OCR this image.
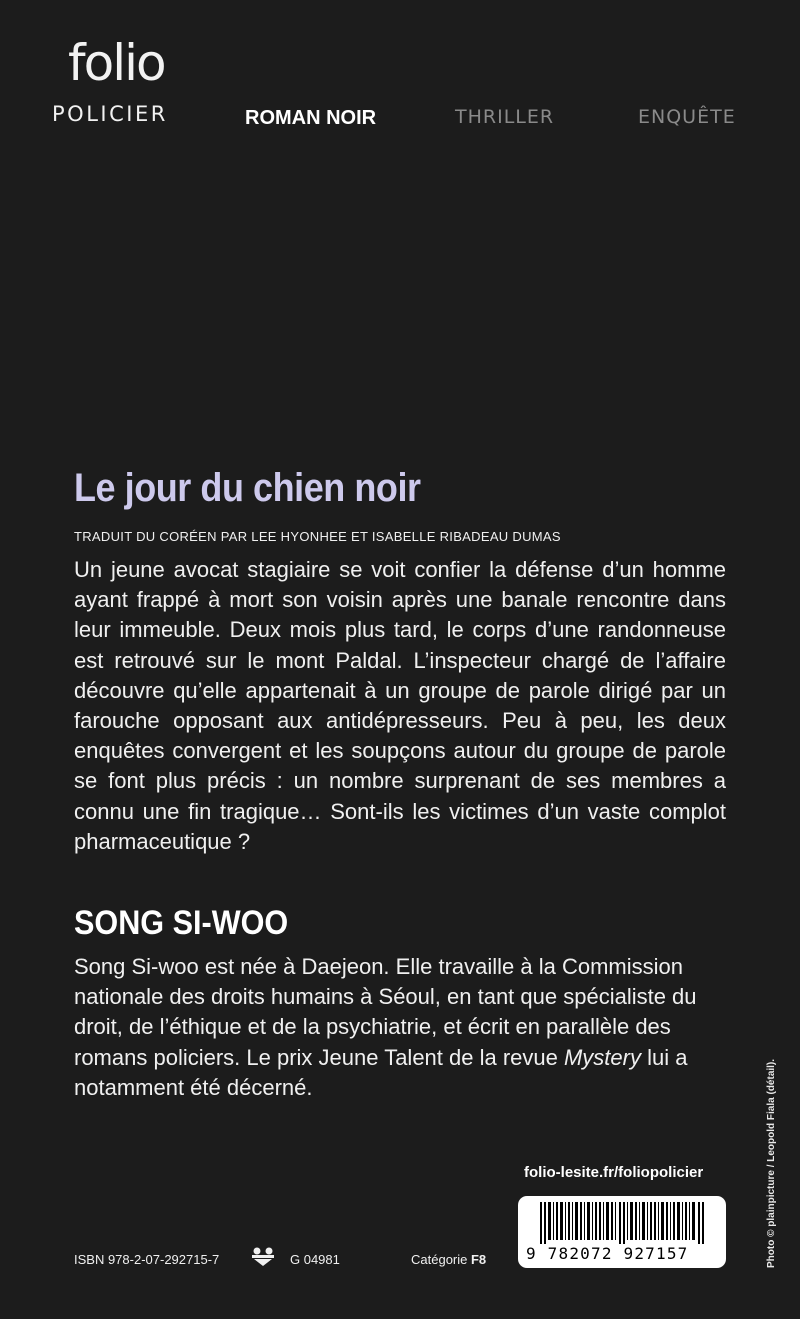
folio
POLICIER	ROMAN NOIR	THRILLER	ENQUÊTE
Le jour du chien noir
TRADUIT DU CORÉEN PAR LEE HYONHEE ET ISABELLE RIBADEAU DUMAS

Un jeune avocat stagiaire se voit confier la défense d’un homme ayant frappé à mort son voisin après une banale rencontre dans leur immeuble. Deux mois plus tard, le corps d’une randonneuse est retrouvé sur le mont Paldal. L’inspecteur chargé de l’affaire découvre qu’elle appartenait à un groupe de parole dirigé par un farouche opposant aux antidépresseurs. Peu à peu, les deux enquêtes convergent et les soupçons autour du groupe de parole se font plus précis : un nombre surprenant de ses membres a connu une fin tragique… Sont-ils les victimes d’un vaste complot pharmaceutique ?

SONG SI-WOO

Song Si-woo est née à Daejeon. Elle travaille à la Commission nationale des droits humains à Séoul, en tant que spécialiste du droit, de l’éthique et de la psychiatrie, et écrit en parallèle des romans policiers. Le prix Jeune Talent de la revue Mystery lui a notamment été décerné.

folio-lesite.fr/foliopolicier
9 782072 927157
ISBN 978-2-07-292715-7	G 04981	Catégorie F8	Photo © plainpicture / Leopold Fiala (détail).
